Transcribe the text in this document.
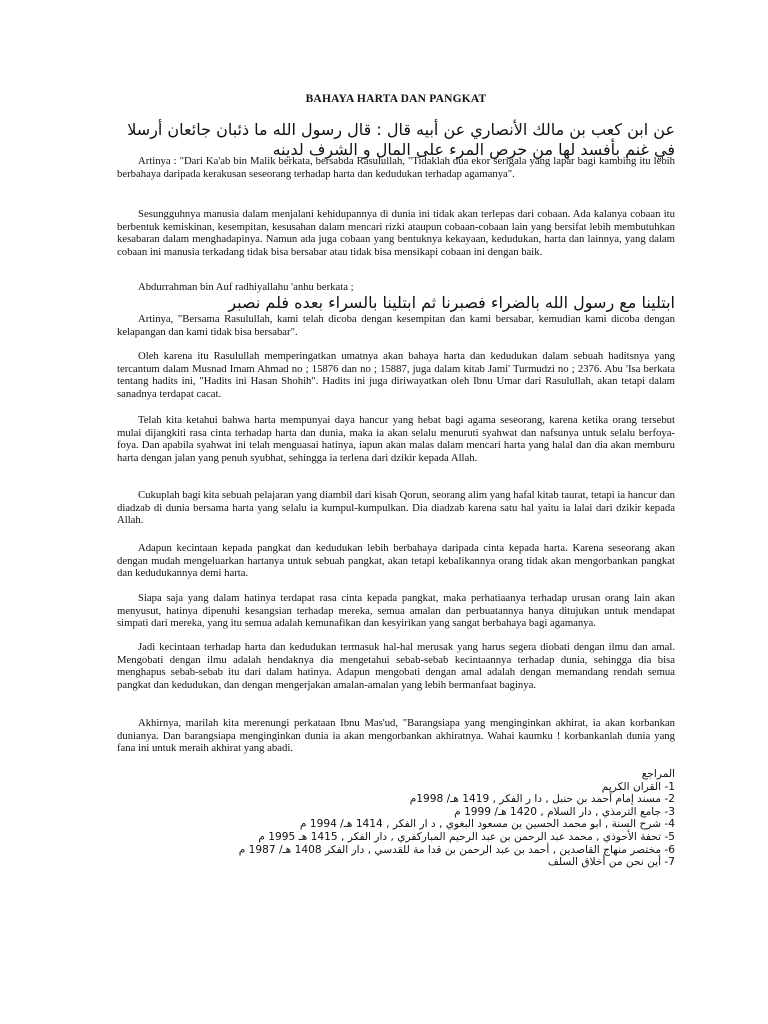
BAHAYA HARTA DAN PANGKAT
عن ابن كعب بن مالك الأنصاري عن أبيه قال : قال رسول الله ما ذئبان جائعان أرسلا في غنم بأفسد لها من حرص المرء على المال و الشرف لدينه
Artinya : "Dari Ka'ab bin Malik berkata, bersabda Rasulullah, "Tidaklah dua ekor serigala yang lapar bagi kambing itu lebih berbahaya daripada kerakusan seseorang terhadap harta dan kedudukan terhadap agamanya".
Sesungguhnya manusia dalam menjalani kehidupannya di dunia ini tidak akan terlepas dari cobaan. Ada kalanya cobaan itu berbentuk kemiskinan, kesempitan, kesusahan dalam mencari rizki ataupun cobaan-cobaan lain yang bersifat lebih membutuhkan kesabaran dalam menghadapinya. Namun ada juga cobaan yang bentuknya kekayaan, kedudukan, harta dan lainnya, yang dalam cobaan ini manusia terkadang tidak bisa bersabar atau tidak bisa mensikapi cobaan ini dengan baik.
Abdurrahman bin Auf radhiyallahu 'anhu berkata ;
ابتلينا مع رسول الله بالضراء فصبرنا ثم ابتلينا بالسراء بعده فلم نصبر
Artinya, "Bersama Rasulullah, kami telah dicoba dengan kesempitan dan kami bersabar, kemudian kami dicoba dengan kelapangan dan kami tidak bisa bersabar".
Oleh karena itu Rasulullah memperingatkan umatnya akan bahaya harta dan kedudukan dalam sebuah haditsnya yang tercantum dalam Musnad Imam Ahmad no ; 15876 dan no ; 15887, juga dalam kitab Jami' Turmudzi no ; 2376. Abu 'Isa berkata tentang hadits ini, "Hadits ini Hasan Shohih". Hadits ini juga diriwayatkan oleh Ibnu Umar dari Rasulullah, akan tetapi dalam sanadnya terdapat cacat.
Telah kita ketahui bahwa harta mempunyai daya hancur yang hebat bagi agama seseorang, karena ketika orang tersebut mulai dijangkiti rasa cinta terhadap harta dan dunia, maka ia akan selalu menuruti syahwat dan nafsunya untuk selalu berfoya-foya. Dan apabila syahwat ini telah menguasai hatinya, iapun akan malas dalam mencari harta yang halal dan dia akan memburu harta dengan jalan yang penuh syubhat, sehingga ia terlena dari dzikir kepada Allah.
Cukuplah bagi kita sebuah pelajaran yang diambil dari kisah Qorun, seorang alim yang hafal kitab taurat, tetapi ia hancur dan diadzab di dunia bersama harta yang selalu ia kumpul-kumpulkan. Dia diadzab karena satu hal yaitu ia lalai dari dzikir kepada Allah.
Adapun kecintaan kepada pangkat dan kedudukan lebih berbahaya daripada cinta kepada harta. Karena seseorang akan dengan mudah mengeluarkan hartanya untuk sebuah pangkat, akan tetapi kebalikannya orang tidak akan mengorbankan pangkat dan kedudukannya demi harta.
Siapa saja yang dalam hatinya terdapat rasa cinta kepada pangkat, maka perhatiaanya terhadap urusan orang lain akan menyusut, hatinya dipenuhi kesangsian terhadap mereka, semua amalan dan perbuatannya hanya ditujukan untuk mendapat simpati dari mereka, yang itu semua adalah kemunafikan dan kesyirikan yang sangat berbahaya bagi agamanya.
Jadi kecintaan terhadap harta dan kedudukan termasuk hal-hal merusak yang harus segera diobati dengan ilmu dan amal. Mengobati dengan ilmu adalah hendaknya dia mengetahui sebab-sebab kecintaannya terhadap dunia, sehingga dia bisa menghapus sebab-sebab itu dari dalam hatinya. Adapun mengobati dengan amal adalah dengan memandang rendah semua pangkat dan kedudukan, dan dengan mengerjakan amalan-amalan yang lebih bermanfaat baginya.
Akhirnya, marilah kita merenungi perkataan Ibnu Mas'ud, "Barangsiapa yang menginginkan akhirat, ia akan korbankan dunianya. Dan barangsiapa menginginkan dunia ia akan mengorbankan akhiratnya. Wahai kaumku ! korbankanlah dunia yang fana ini untuk meraih akhirat yang abadi.
المراجع
1- القران الكريم
2- مسند إمام أحمد بن حنبل , دا ر الفكر , 1419 هـ/ 1998م
3- جامع الترمذي , دار السلام , 1420 هـ/ 1999 م
4- شرح السنة , ابو محمد الحسين بن مسعود البغوي , د ار الفكر , 1414 هـ/ 1994 م
5- تحفة الأحوذي , محمد عبد الرحمن بن عبد الرحيم المباركفري , دار الفكر , 1415 هـ 1995 م
6- مختصر منهاج القاصدين , أحمد بن عبد الرحمن بن قدا مة للقدسي , دار الفكر 1408 هـ/ 1987 م
7- أين نحن من أخلاق السلف
